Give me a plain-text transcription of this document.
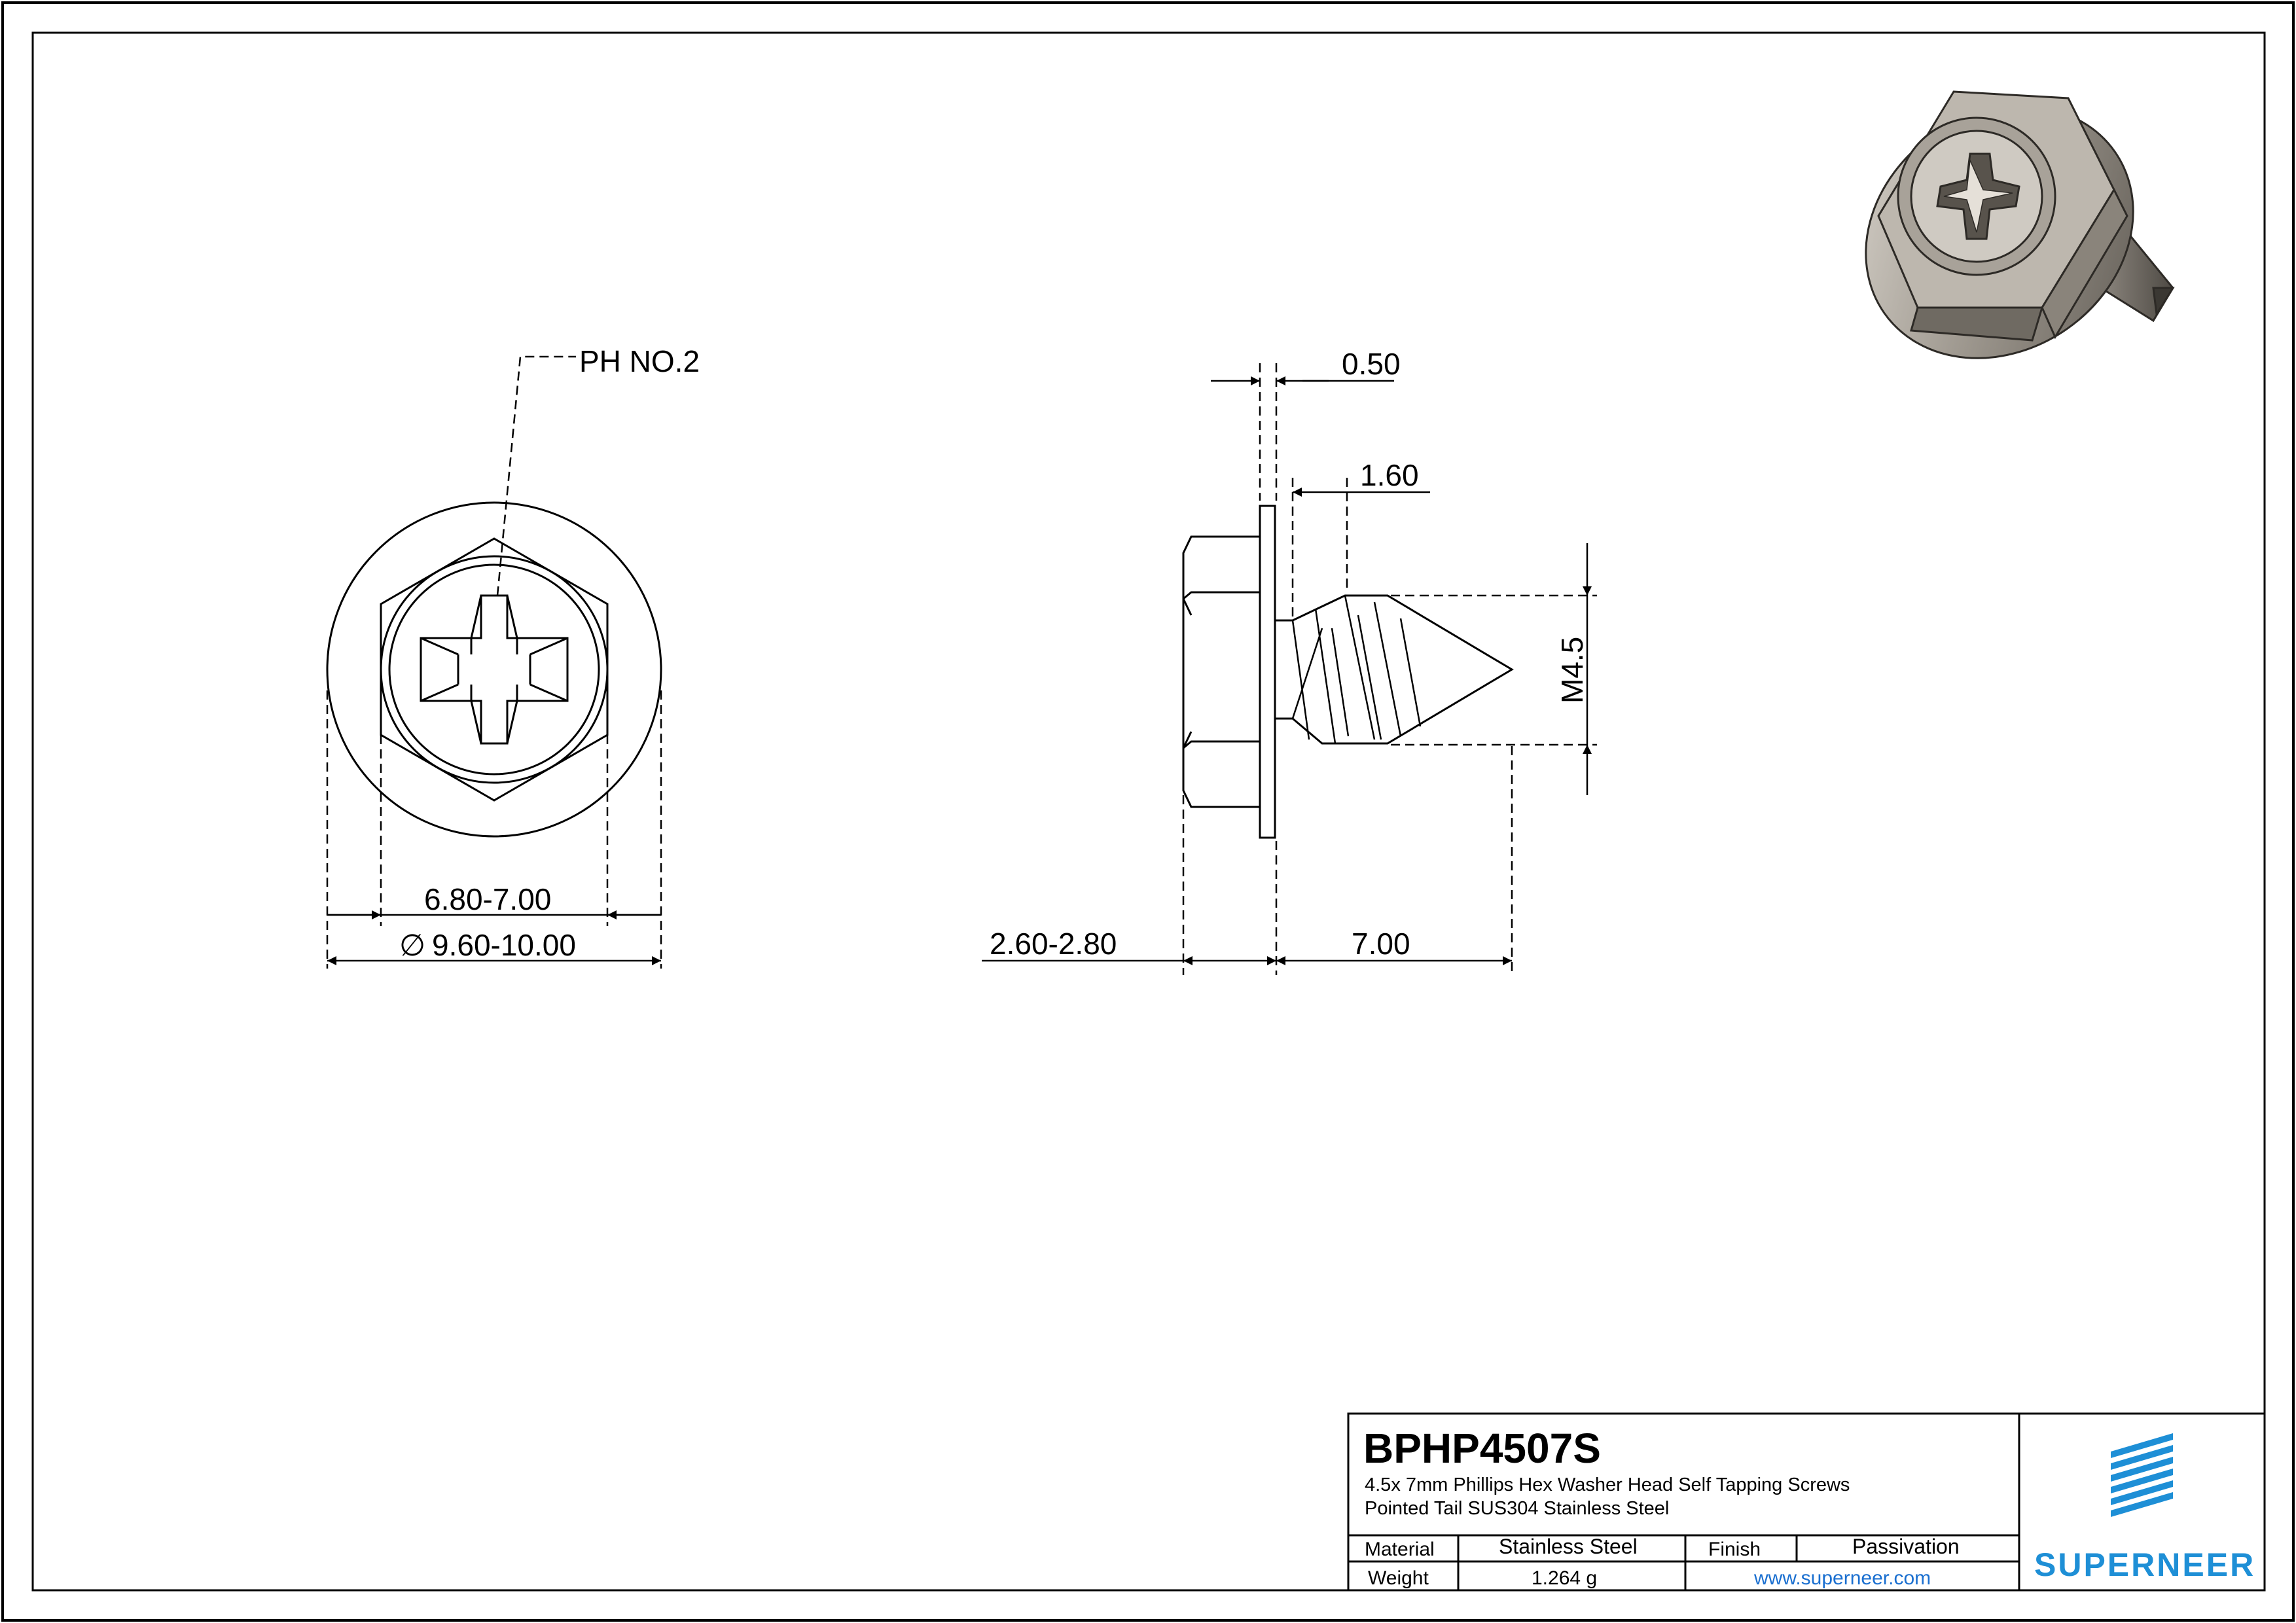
PH NO.2
6.80-7.00
∅ 9.60-10.00
0.50
1.60
M4.5
2.60-2.80	7.00
BPHP4507S
4.5x 7mm Phillips Hex Washer Head Self Tapping Screws
Pointed Tail SUS304 Stainless Steel
Material	Stainless Steel	Finish	Passivation
Weight	1.264 g	www.superneer.com	SUPERNEER
